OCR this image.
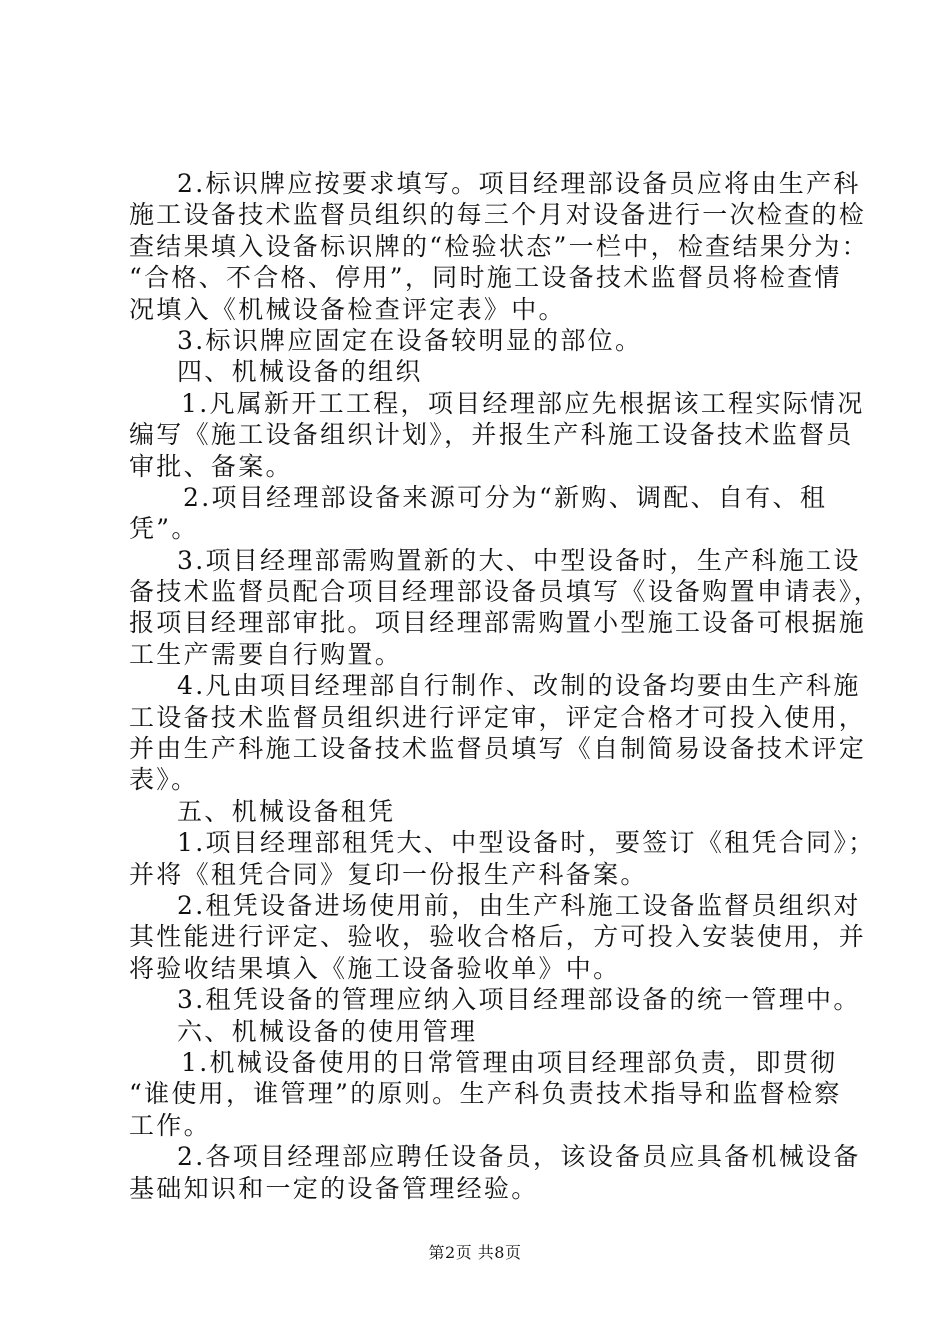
2.标识牌应按要求填写。项目经理部设备员应将由生产科
施工设备技术监督员组织的每三个月对设备进行一次检查的检
查结果填入设备标识牌的“检验状态”一栏中，检查结果分为：
“合格、不合格、停用”，同时施工设备技术监督员将检查情
况填入《机械设备检查评定表》中。
3.标识牌应固定在设备较明显的部位。
四、机械设备的组织
1.凡属新开工工程，项目经理部应先根据该工程实际情况
编写《施工设备组织计划》，并报生产科施工设备技术监督员
审批、备案。
2.项目经理部设备来源可分为“新购、调配、自有、租
凭”。
3.项目经理部需购置新的大、中型设备时，生产科施工设
备技术监督员配合项目经理部设备员填写《设备购置申请表》，
报项目经理部审批。项目经理部需购置小型施工设备可根据施
工生产需要自行购置。
4.凡由项目经理部自行制作、改制的设备均要由生产科施
工设备技术监督员组织进行评定审，评定合格才可投入使用，
并由生产科施工设备技术监督员填写《自制简易设备技术评定
表》。
五、机械设备租凭
1.项目经理部租凭大、中型设备时，要签订《租凭合同》；
并将《租凭合同》复印一份报生产科备案。
2.租凭设备进场使用前，由生产科施工设备监督员组织对
其性能进行评定、验收，验收合格后，方可投入安装使用，并
将验收结果填入《施工设备验收单》中。
3.租凭设备的管理应纳入项目经理部设备的统一管理中。
六、机械设备的使用管理
1.机械设备使用的日常管理由项目经理部负责，即贯彻
“谁使用，谁管理”的原则。生产科负责技术指导和监督检察
工作。
2.各项目经理部应聘任设备员，该设备员应具备机械设备
基础知识和一定的设备管理经验。
第2页 共8页
